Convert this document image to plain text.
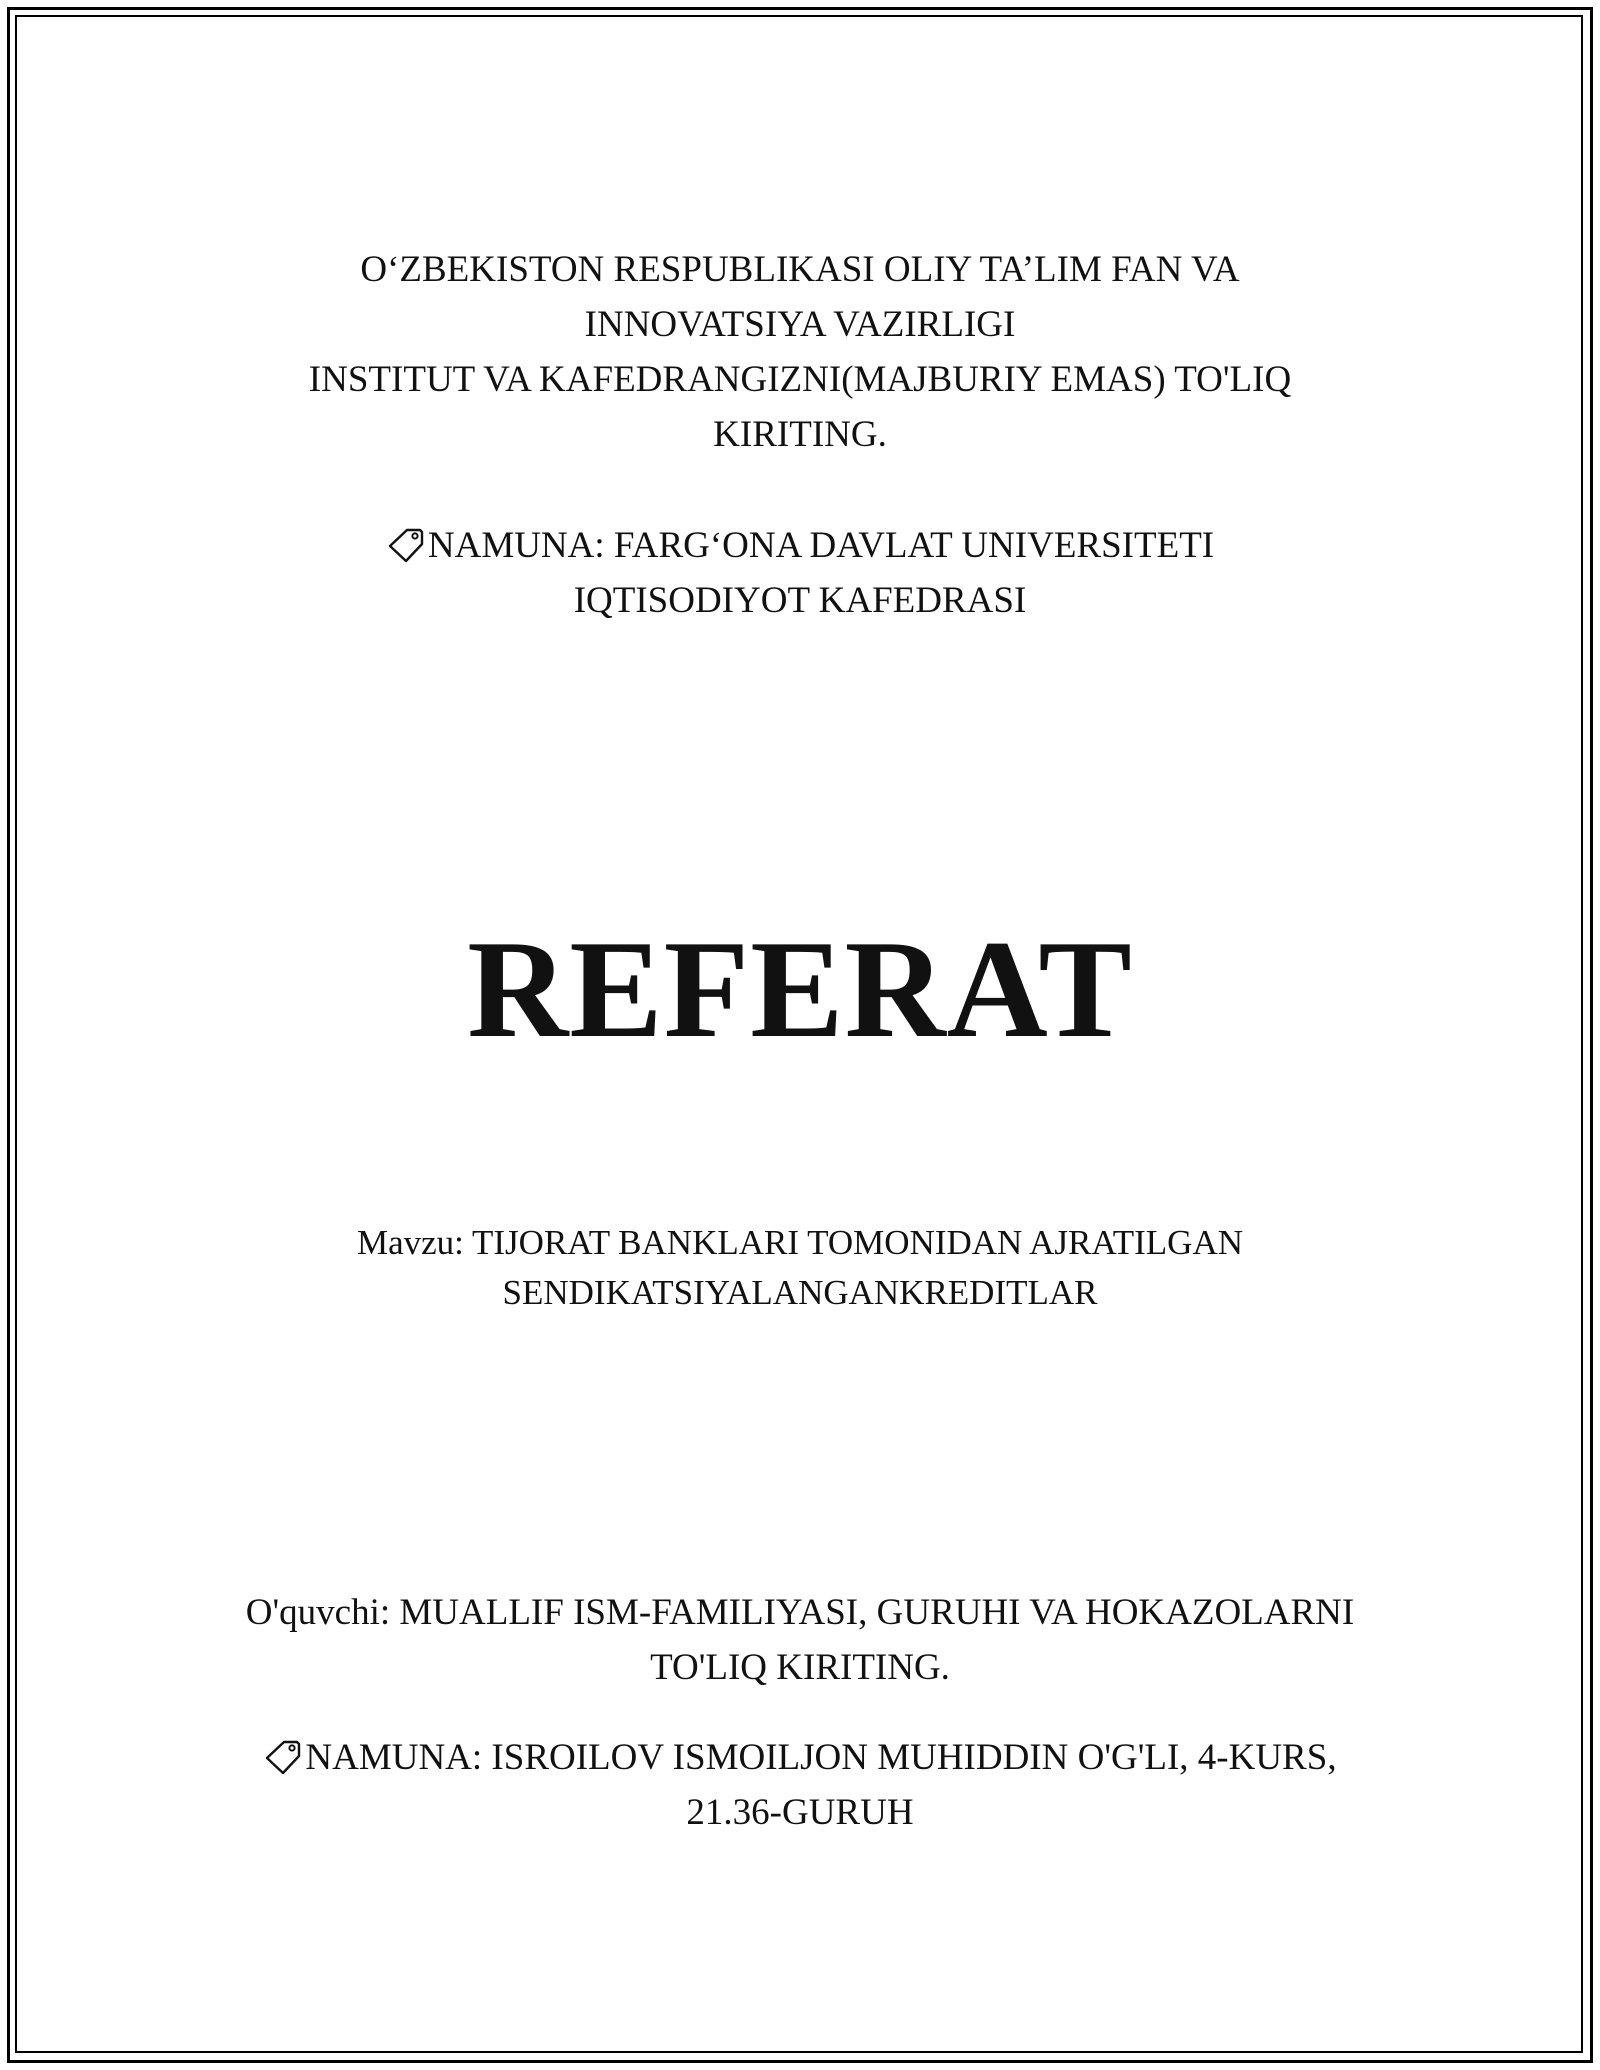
O‘ZBEKISTON RESPUBLIKASI OLIY TA’LIM FAN VA
INNOVATSIYA VAZIRLIGI
INSTITUT VA KAFEDRANGIZNI(MAJBURIY EMAS) TO'LIQ
KIRITING.
NAMUNA: FARG‘ONA DAVLAT UNIVERSITETI
IQTISODIYOT KAFEDRASI
REFERAT
Mavzu: TIJORAT BANKLARI TOMONIDAN AJRATILGAN
SENDIKATSIYALANGANKREDITLAR
O'quvchi: MUALLIF ISM-FAMILIYASI, GURUHI VA HOKAZOLARNI
TO'LIQ KIRITING.
NAMUNA: ISROILOV ISMOILJON MUHIDDIN O'G'LI, 4-KURS,
21.36-GURUH
